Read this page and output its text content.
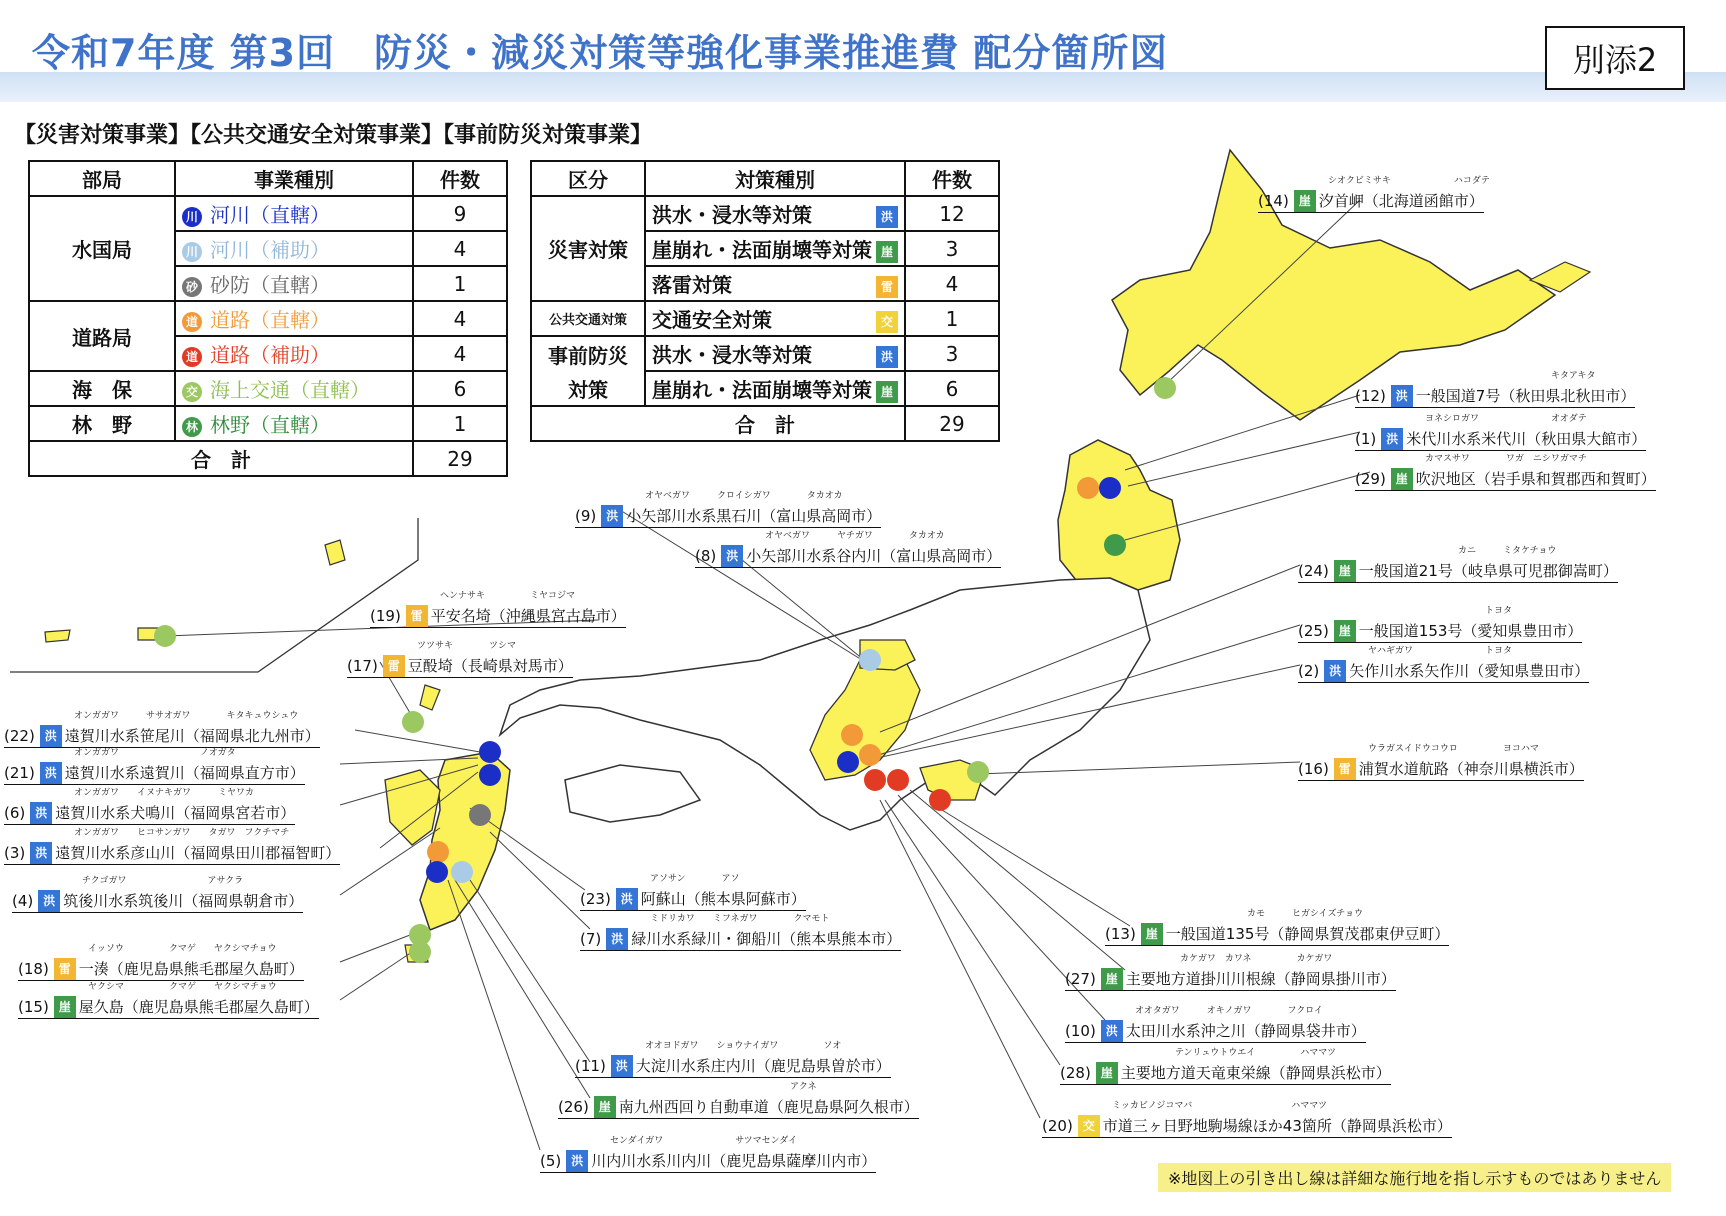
令和7年度 第3回　防災・減災対策等強化事業推進費 配分箇所図	別添2
【災害対策事業】【公共交通安全対策事業】【事前防災対策事業】
部局	事業種別	件数
水国局	川 河川（直轄）	9
	川 河川（補助）	4
	砂 砂防（直轄）	1
道路局	道 道路（直轄）	4
	道 道路（補助）	4
海　保	交 海上交通（直轄）	6
林　野	林 林野（直轄）	1
合　計		29
区分	対策種別	件数
災害対策	洪水・浸水等対策 洪	12
	崖崩れ・法面崩壊等対策 崖	3
	落雷対策 雷	4
公共交通対策	交通安全対策 交	1
事前防災	洪水・浸水等対策 洪	3
対策	崖崩れ・法面崩壊等対策 崖	6
合　計		29
シオクビミサキ　　　　　　　ハコダテ
(14) 崖 汐首岬（北海道函館市）
　　　　　　　　　　　　　　キタアキタ
(12) 洪 一般国道7号（秋田県北秋田市）
ヨネシロガワ　　　　　　　　オオダテ
(1) 洪 米代川水系米代川（秋田県大館市）
カマスサワ　　　　ワガ　ニシワガマチ
(29) 崖 吹沢地区（岩手県和賀郡西和賀町）
オヤベガワ　　　クロイシガワ　　　　タカオカ
(9) 洪 小矢部川水系黒石川（富山県高岡市）
オヤベガワ　　　ヤチガワ　　　　タカオカ
(8) 洪 小矢部川水系谷内川（富山県高岡市）	　　　　　　　　　　カニ　　　ミタケチョウ
(24) 崖 一般国道21号（岐阜県可児郡御嵩町）
　　　　　　　　　　　　　トヨタ
(25) 崖 一般国道153号（愛知県豊田市）
ヤハギガワ　　　　　　　　トヨタ
(2) 洪 矢作川水系矢作川（愛知県豊田市）
ウラガスイドウコウロ　　　　　ヨコハマ
(16) 雷 浦賀水道航路（神奈川県横浜市）
ヘンナサキ　　　　　ミヤコジマ
(19) 雷 平安名埼（沖縄県宮古島市）
ツツサキ　　　　ツシマ
(17) 雷 豆酘埼（長崎県対馬市）
オンガガワ　　　ササオガワ　　　　キタキュウシュウ
(22) 洪 遠賀川水系笹尾川（福岡県北九州市）
オンガガワ　　　　　　　　　ノオガタ
(21) 洪 遠賀川水系遠賀川（福岡県直方市）
オンガガワ　　イヌナキガワ　　　ミヤワカ
(6) 洪 遠賀川水系犬鳴川（福岡県宮若市）
オンガガワ　　ヒコサンガワ　　タガワ　フクチマチ
(3) 洪 遠賀川水系彦山川（福岡県田川郡福智町）
チクゴガワ　　　　　　　　　アサクラ
(4) 洪 筑後川水系筑後川（福岡県朝倉市）
アソサン　　　　アソ
(23) 洪 阿蘇山（熊本県阿蘇市）
ミドリカワ　　ミフネガワ　　　　クマモト
(7) 洪 緑川水系緑川・御船川（熊本県熊本市）
イッソウ　　　　　クマゲ　　ヤクシマチョウ
(18) 雷 一湊（鹿児島県熊毛郡屋久島町）
ヤクシマ　　　　　クマゲ　　ヤクシマチョウ
(15) 崖 屋久島（鹿児島県熊毛郡屋久島町）
　　　　　　　　カモ　　　ヒガシイズチョウ
(13) 崖 一般国道135号（静岡県賀茂郡東伊豆町）
　　　　　カケガワ　カワネ　　　　　カケガワ
(27) 崖 主要地方道掛川川根線（静岡県掛川市）
オオタガワ　　　オキノガワ　　　　フクロイ
(10) 洪 太田川水系沖之川（静岡県袋井市）
　　　　　テンリュウトウエイ　　　　　ハママツ
(28) 崖 主要地方道天竜東栄線（静岡県浜松市）
オオヨドガワ　　ショウナイガワ　　　　　ソオ
(11) 洪 大淀川水系庄内川（鹿児島県曽於市）
　　　　　　　　　　　　　　　　　　アクネ
(26) 崖 南九州西回り自動車道（鹿児島県阿久根市）	ミッカビノジコマバ　　　　　　　　　　　ハママツ
(20) 交 市道三ヶ日野地駒場線ほか43箇所（静岡県浜松市）
センダイガワ　　　　　　　　サツマセンダイ
(5) 洪 川内川水系川内川（鹿児島県薩摩川内市）
※地図上の引き出し線は詳細な施行地を指し示すものではありません
